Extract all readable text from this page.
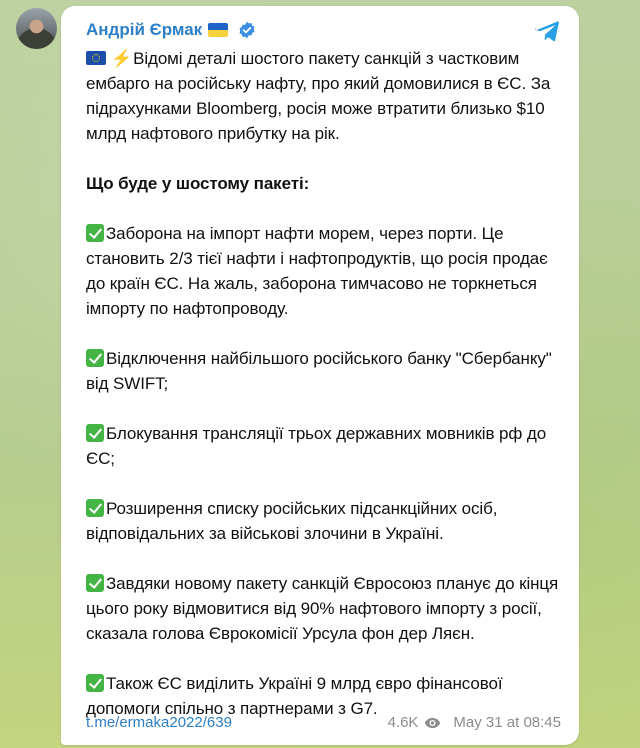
Андрій Єрмак

⚡Відомі деталі шостого пакету санкцій з частковим ембарго на російську нафту, про який домовилися в ЄС. За підрахунками Bloomberg, росія може втратити близько $10 млрд нафтового прибутку на рік.

Що буде у шостому пакеті:

Заборона на імпорт нафти морем, через порти. Це становить 2/3 тієї нафти і нафтопродуктів, що росія продає до країн ЄС. На жаль, заборона тимчасово не торкнеться імпорту по нафтопроводу.

Відключення найбільшого російського банку "Сбербанку" від SWIFT;

Блокування трансляції трьох державних мовників рф до ЄС;

Розширення списку російських підсанкційних осіб, відповідальних за військові злочини в Україні.

Завдяки новому пакету санкцій Євросоюз планує до кінця цього року відмовитися від 90% нафтового імпорту з росії, сказала голова Єврокомісії Урсула фон дер Ляєн.

Також ЄС виділить Україні 9 млрд євро фінансової допомоги спільно з партнерами з G7.

t.me/ermaka2022/639	4.6K May 31 at 08:45
